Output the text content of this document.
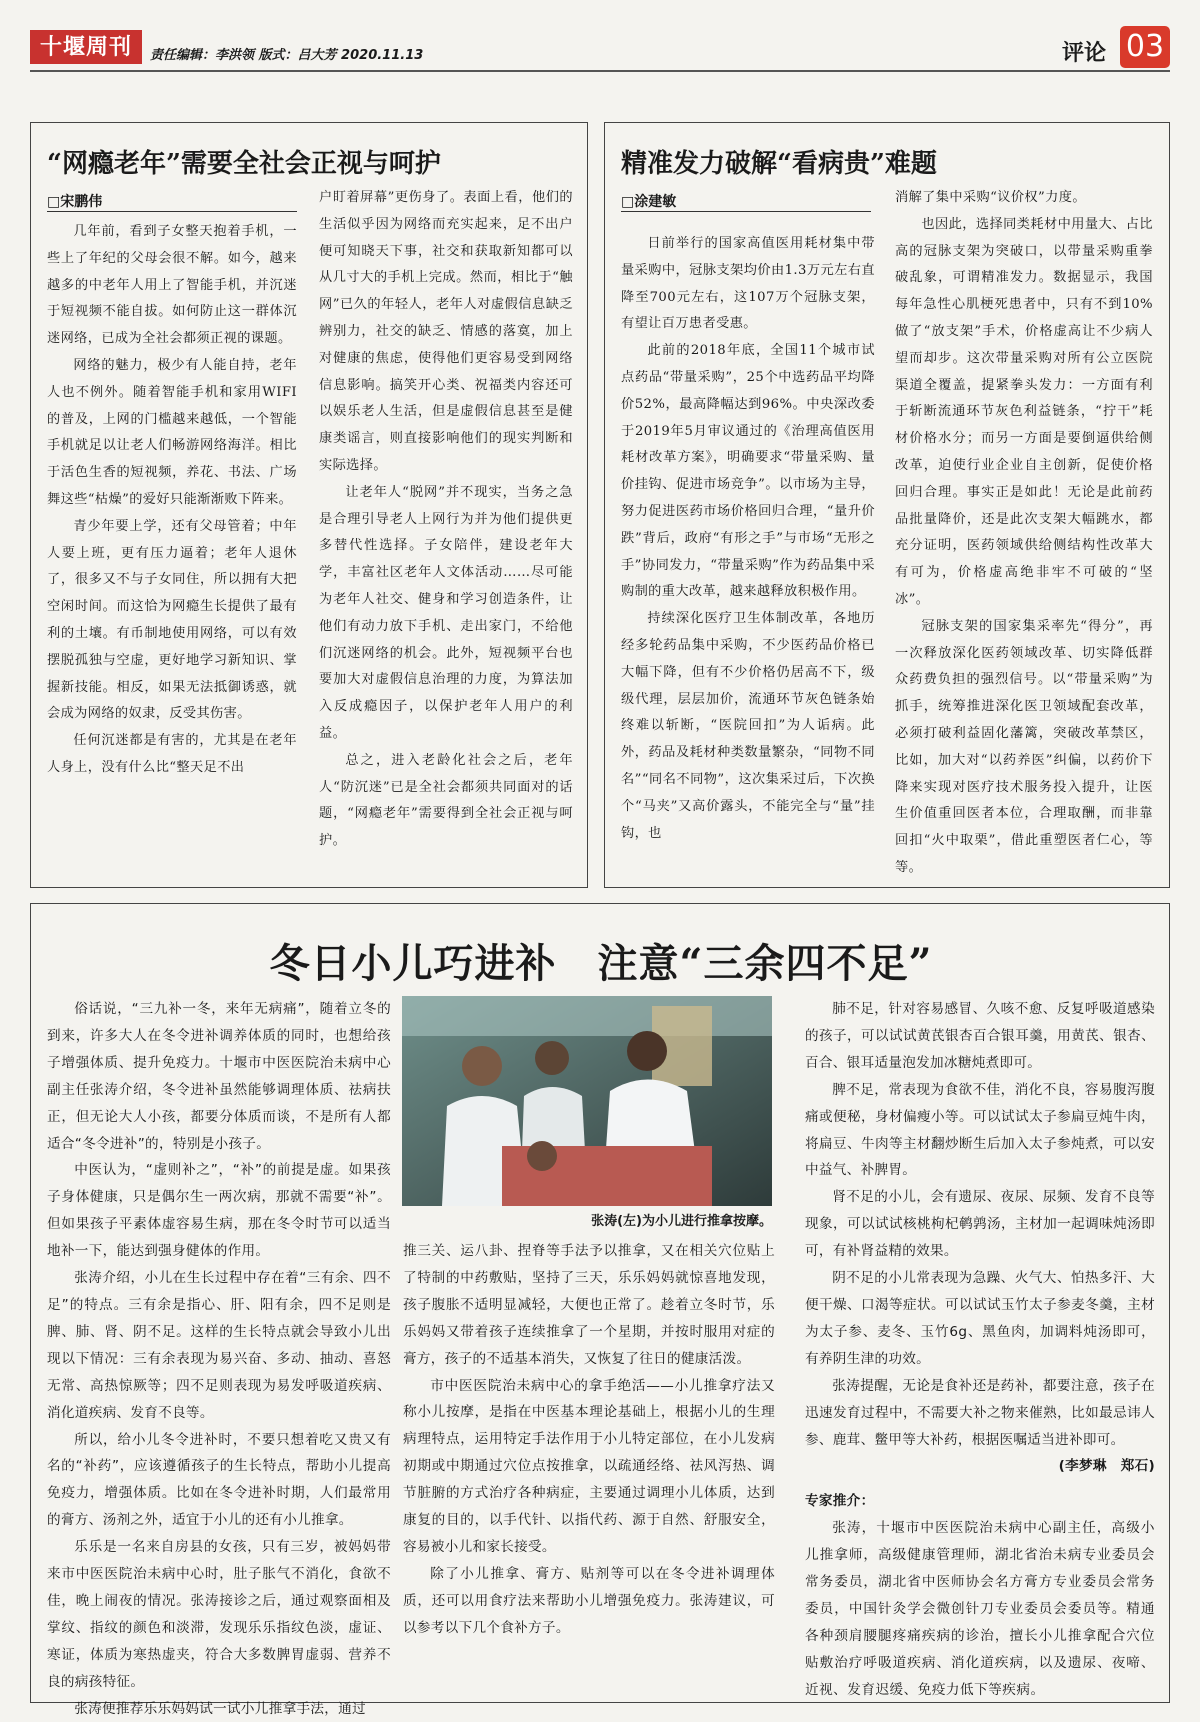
十堰周刊	责任编辑：李洪领 版式：吕大芳 2020.11.13	评论 03
“网瘾老年”需要全社会正视与呵护
□宋鹏伟

几年前，看到子女整天抱着手机，一些上了年纪的父母会很不解。如今，越来越多的中老年人用上了智能手机，并沉迷于短视频不能自拔。如何防止这一群体沉迷网络，已成为全社会都须正视的课题。

网络的魅力，极少有人能自持，老年人也不例外。随着智能手机和家用WIFI的普及，上网的门槛越来越低，一个智能手机就足以让老人们畅游网络海洋。相比于活色生香的短视频，养花、书法、广场舞这些“枯燥”的爱好只能渐渐败下阵来。

青少年要上学，还有父母管着；中年人要上班，更有压力逼着；老年人退休了，很多又不与子女同住，所以拥有大把空闲时间。而这恰为网瘾生长提供了最有利的土壤。有币制地使用网络，可以有效摆脱孤独与空虚，更好地学习新知识、掌握新技能。相反，如果无法抵御诱惑，就会成为网络的奴隶，反受其伤害。

任何沉迷都是有害的，尤其是在老年人身上，没有什么比“整天足不出

户盯着屏幕”更伤身了。表面上看，他们的生活似乎因为网络而充实起来，足不出户便可知晓天下事，社交和获取新知都可以从几寸大的手机上完成。然而，相比于“触网”已久的年轻人，老年人对虚假信息缺乏辨别力，社交的缺乏、情感的落寞，加上对健康的焦虑，使得他们更容易受到网络信息影响。搞笑开心类、祝福类内容还可以娱乐老人生活，但是虚假信息甚至是健康类谣言，则直接影响他们的现实判断和实际选择。

让老年人“脱网”并不现实，当务之急是合理引导老人上网行为并为他们提供更多替代性选择。子女陪伴，建设老年大学，丰富社区老年人文体活动……尽可能为老年人社交、健身和学习创造条件，让他们有动力放下手机、走出家门，不给他们沉迷网络的机会。此外，短视频平台也要加大对虚假信息治理的力度，为算法加入反成瘾因子，以保护老年人用户的利益。

总之，进入老龄化社会之后，老年人“防沉迷”已是全社会都须共同面对的话题，“网瘾老年”需要得到全社会正视与呵护。

精准发力破解“看病贵”难题
□涂建敏

日前举行的国家高值医用耗材集中带量采购中，冠脉支架均价由1.3万元左右直降至700元左右，这107万个冠脉支架，有望让百万患者受惠。

此前的2018年底，全国11个城市试点药品“带量采购”，25个中选药品平均降价52%，最高降幅达到96%。中央深改委于2019年5月审议通过的《治理高值医用耗材改革方案》，明确要求“带量采购、量价挂钩、促进市场竞争”。以市场为主导，努力促进医药市场价格回归合理，“量升价跌”背后，政府“有形之手”与市场“无形之手”协同发力，“带量采购”作为药品集中采购制的重大改革，越来越释放积极作用。

持续深化医疗卫生体制改革，各地历经多轮药品集中采购，不少医药品价格已大幅下降，但有不少价格仍居高不下，级级代理，层层加价，流通环节灰色链条始终难以斩断，“医院回扣”为人诟病。此外，药品及耗材种类数量繁杂，“同物不同名”“同名不同物”，这次集采过后，下次换个“马夹”又高价露头，不能完全与“量”挂钩，也

消解了集中采购“议价权”力度。

也因此，选择同类耗材中用量大、占比高的冠脉支架为突破口，以带量采购重拳破乱象，可谓精准发力。数据显示，我国每年急性心肌梗死患者中，只有不到10%做了“放支架”手术，价格虚高让不少病人望而却步。这次带量采购对所有公立医院渠道全覆盖，提紧拳头发力：一方面有利于斩断流通环节灰色利益链条，“拧干”耗材价格水分；而另一方面是要倒逼供给侧改革，迫使行业企业自主创新，促使价格回归合理。事实正是如此！无论是此前药品批量降价，还是此次支架大幅跳水，都充分证明，医药领域供给侧结构性改革大有可为，价格虚高绝非牢不可破的“坚冰”。

冠脉支架的国家集采率先“得分”，再一次释放深化医药领域改革、切实降低群众药费负担的强烈信号。以“带量采购”为抓手，统筹推进深化医卫领域配套改革，必须打破利益固化藩篱，突破改革禁区，比如，加大对“以药养医”纠偏，以药价下降来实现对医疗技术服务投入提升，让医生价值重回医者本位，合理取酬，而非靠回扣“火中取栗”，借此重塑医者仁心，等等。

冬日小儿巧进补　注意“三余四不足”

俗话说，“三九补一冬，来年无病痛”，随着立冬的到来，许多大人在冬令进补调养体质的同时，也想给孩子增强体质、提升免疫力。十堰市中医医院治未病中心副主任张涛介绍，冬令进补虽然能够调理体质、祛病扶正，但无论大人小孩，都要分体质而谈，不是所有人都适合“冬令进补”的，特别是小孩子。

中医认为，“虚则补之”，“补”的前提是虚。如果孩子身体健康，只是偶尔生一两次病，那就不需要“补”。但如果孩子平素体虚容易生病，那在冬令时节可以适当地补一下，能达到强身健体的作用。

张涛介绍，小儿在生长过程中存在着“三有余、四不足”的特点。三有余是指心、肝、阳有余，四不足则是脾、肺、肾、阴不足。这样的生长特点就会导致小儿出现以下情况：三有余表现为易兴奋、多动、抽动、喜怒无常、高热惊厥等；四不足则表现为易发呼吸道疾病、消化道疾病、发育不良等。

所以，给小儿冬令进补时，不要只想着吃又贵又有名的“补药”，应该遵循孩子的生长特点，帮助小儿提高免疫力，增强体质。比如在冬令进补时期，人们最常用的膏方、汤剂之外，适宜于小儿的还有小儿推拿。

乐乐是一名来自房县的女孩，只有三岁，被妈妈带来市中医医院治未病中心时，肚子胀气不消化，食欲不佳，晚上闹夜的情况。张涛接诊之后，通过观察面相及掌纹、指纹的颜色和淡滞，发现乐乐指纹色淡，虚证、寒证，体质为寒热虚夹，符合大多数脾胃虚弱、营养不良的病孩特征。

张涛便推荐乐乐妈妈试一试小儿推拿手法，通过

推三关、运八卦、捏脊等手法予以推拿，又在相关穴位贴上了特制的中药敷贴，坚持了三天，乐乐妈妈就惊喜地发现，孩子腹胀不适明显减轻，大便也正常了。趁着立冬时节，乐乐妈妈又带着孩子连续推拿了一个星期，并按时服用对症的膏方，孩子的不适基本消失，又恢复了往日的健康活泼。

市中医医院治未病中心的拿手绝活——小儿推拿疗法又称小儿按摩，是指在中医基本理论基础上，根据小儿的生理病理特点，运用特定手法作用于小儿特定部位，在小儿发病初期或中期通过穴位点按推拿，以疏通经络、祛风泻热、调节脏腑的方式治疗各种病症，主要通过调理小儿体质，达到康复的目的，以手代针、以指代药、源于自然、舒服安全，容易被小儿和家长接受。

除了小儿推拿、膏方、贴剂等可以在冬令进补调理体质，还可以用食疗法来帮助小儿增强免疫力。张涛建议，可以参考以下几个食补方子。

肺不足，针对容易感冒、久咳不愈、反复呼吸道感染的孩子，可以试试黄芪银杏百合银耳羹，用黄芪、银杏、百合、银耳适量泡发加冰糖炖煮即可。

脾不足，常表现为食欲不佳，消化不良，容易腹泻腹痛或便秘，身材偏瘦小等。可以试试太子参扁豆炖牛肉，将扁豆、牛肉等主材翻炒断生后加入太子参炖煮，可以安中益气、补脾胃。

肾不足的小儿，会有遗尿、夜尿、尿频、发育不良等现象，可以试试核桃枸杞鹌鹑汤，主材加一起调味炖汤即可，有补肾益精的效果。

阴不足的小儿常表现为急躁、火气大、怕热多汗、大便干燥、口渴等症状。可以试试玉竹太子参麦冬羹，主材为太子参、麦冬、玉竹6g、黑鱼肉，加调料炖汤即可，有养阴生津的功效。

张涛提醒，无论是食补还是药补，都要注意，孩子在迅速发育过程中，不需要大补之物来催熟，比如最忌讳人参、鹿茸、鳖甲等大补药，根据医嘱适当进补即可。

(李梦琳　郑石)

专家推介：

张涛，十堰市中医医院治未病中心副主任，高级小儿推拿师，高级健康管理师，湖北省治未病专业委员会常务委员，湖北省中医师协会名方膏方专业委员会常务委员，中国针灸学会微创针刀专业委员会委员等。精通各种颈肩腰腿疼痛疾病的诊治，擅长小儿推拿配合穴位贴敷治疗呼吸道疾病、消化道疾病，以及遗尿、夜啼、近视、发育迟缓、免疫力低下等疾病。

张涛(左)为小儿进行推拿按摩。
